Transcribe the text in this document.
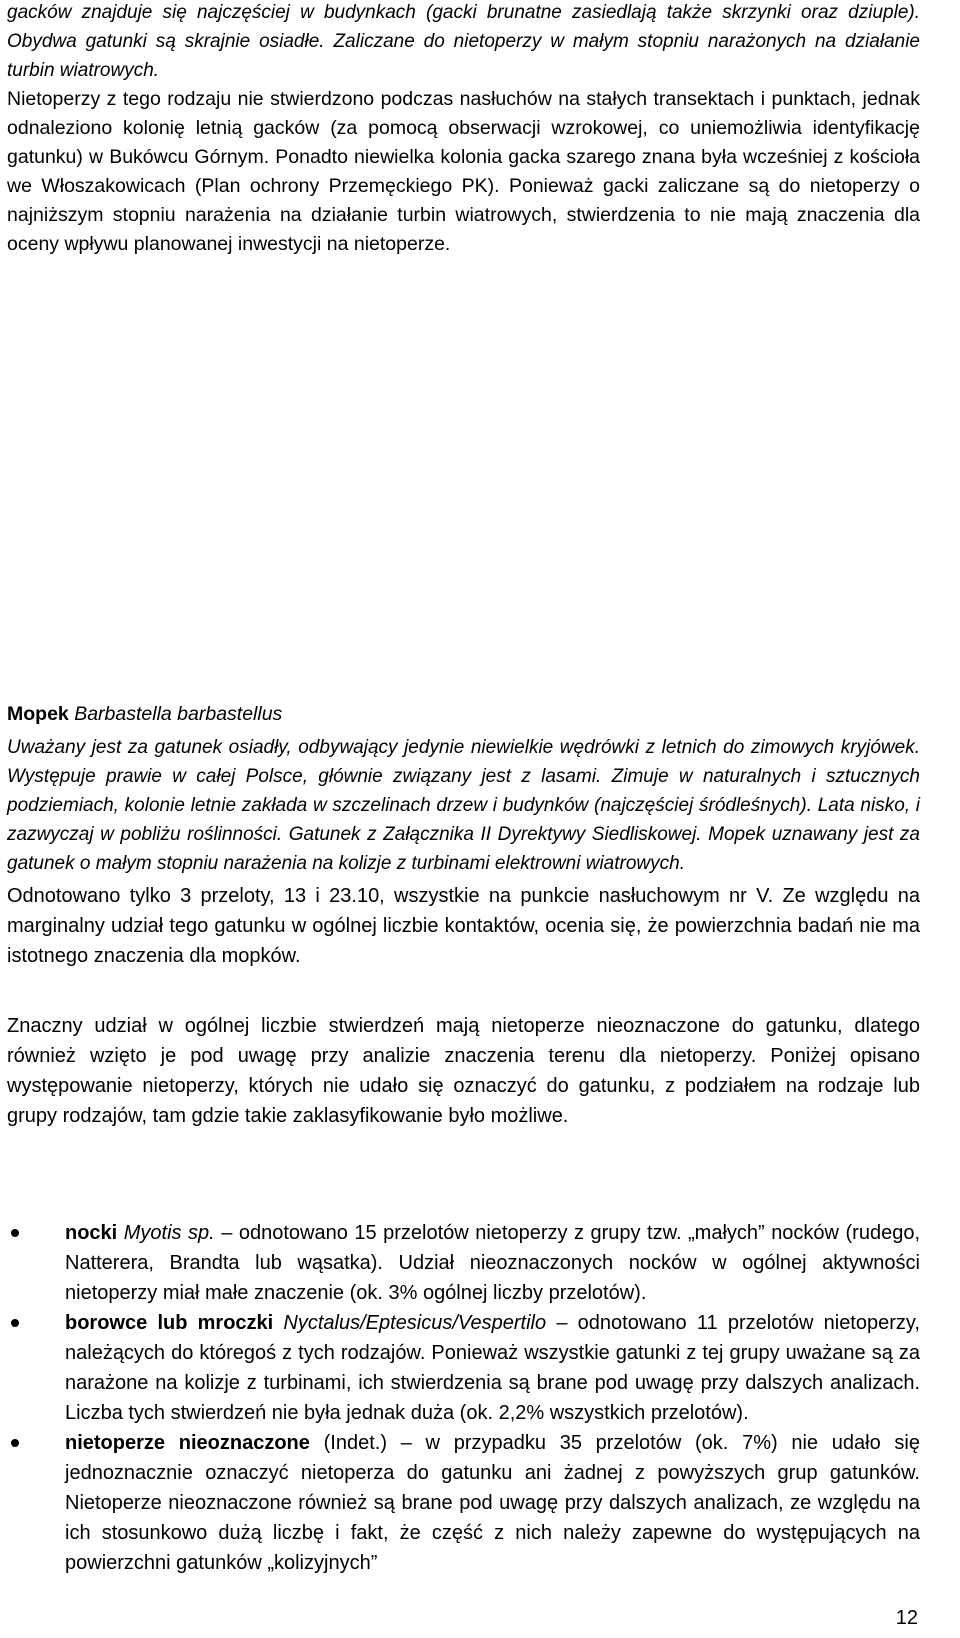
gacków znajduje się najczęściej w budynkach (gacki brunatne zasiedlają także skrzynki oraz dziuple). Obydwa gatunki są skrajnie osiadłe. Zaliczane do nietoperzy w małym stopniu narażonych na działanie turbin wiatrowych.

Nietoperzy z tego rodzaju nie stwierdzono podczas nasłuchów na stałych transektach i punktach, jednak odnaleziono kolonię letnią gacków (za pomocą obserwacji wzrokowej, co uniemożliwia identyfikację gatunku) w Bukówcu Górnym. Ponadto niewielka kolonia gacka szarego znana była wcześniej z kościoła we Włoszakowicach (Plan ochrony Przemęckiego PK). Ponieważ gacki zaliczane są do nietoperzy o najniższym stopniu narażenia na działanie turbin wiatrowych, stwierdzenia to nie mają znaczenia dla oceny wpływu planowanej inwestycji na nietoperze.

Mopek Barbastella barbastellus

Uważany jest za gatunek osiadły, odbywający jedynie niewielkie wędrówki z letnich do zimowych kryjówek. Występuje prawie w całej Polsce, głównie związany jest z lasami. Zimuje w naturalnych i sztucznych podziemiach, kolonie letnie zakłada w szczelinach drzew i budynków (najczęściej śródleśnych). Lata nisko, i zazwyczaj w pobliżu roślinności. Gatunek z Załącznika II Dyrektywy Siedliskowej. Mopek uznawany jest za gatunek o małym stopniu narażenia na kolizje z turbinami elektrowni wiatrowych.

Odnotowano tylko 3 przeloty, 13 i 23.10, wszystkie na punkcie nasłuchowym nr V. Ze względu na marginalny udział tego gatunku w ogólnej liczbie kontaktów, ocenia się, że powierzchnia badań nie ma istotnego znaczenia dla mopków.

Znaczny udział w ogólnej liczbie stwierdzeń mają nietoperze nieoznaczone do gatunku, dlatego również wzięto je pod uwagę przy analizie znaczenia terenu dla nietoperzy. Poniżej opisano występowanie nietoperzy, których nie udało się oznaczyć do gatunku, z podziałem na rodzaje lub grupy rodzajów, tam gdzie takie zaklasyfikowanie było możliwe.

nocki Myotis sp. – odnotowano 15 przelotów nietoperzy z grupy tzw. „małych” nocków (rudego, Natterera, Brandta lub wąsatka). Udział nieoznaczonych nocków w ogólnej aktywności nietoperzy miał małe znaczenie (ok. 3% ogólnej liczby przelotów).
borowce lub mroczki Nyctalus/Eptesicus/Vespertilo – odnotowano 11 przelotów nietoperzy, należących do któregoś z tych rodzajów. Ponieważ wszystkie gatunki z tej grupy uważane są za narażone na kolizje z turbinami, ich stwierdzenia są brane pod uwagę przy dalszych analizach. Liczba tych stwierdzeń nie była jednak duża (ok. 2,2% wszystkich przelotów).
nietoperze nieoznaczone (Indet.) – w przypadku 35 przelotów (ok. 7%) nie udało się jednoznacznie oznaczyć nietoperza do gatunku ani żadnej z powyższych grup gatunków. Nietoperze nieoznaczone również są brane pod uwagę przy dalszych analizach, ze względu na ich stosunkowo dużą liczbę i fakt, że część z nich należy zapewne do występujących na powierzchni gatunków „kolizyjnych”
12
